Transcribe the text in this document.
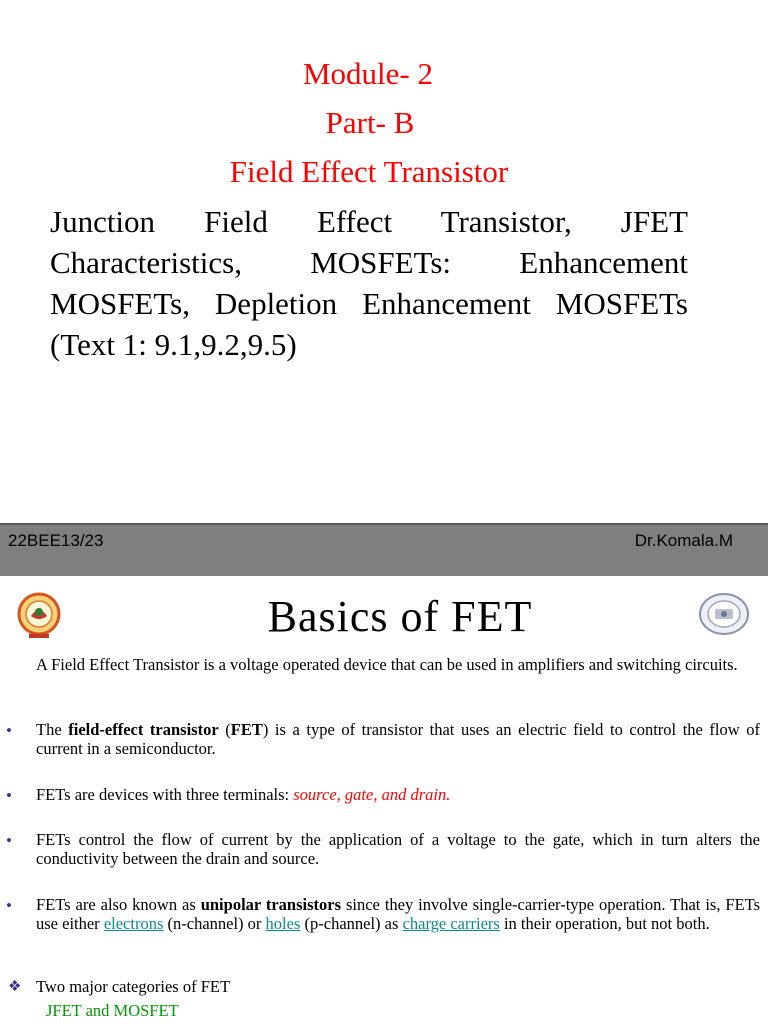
Module- 2
Part- B
Field Effect Transistor
Junction Field Effect Transistor, JFET Characteristics, MOSFETs: Enhancement MOSFETs, Depletion Enhancement MOSFETs (Text 1: 9.1,9.2,9.5)
22BEE13/23	Dr.Komala.M
Basics of FET
A Field Effect Transistor is a voltage operated device that can be used in amplifiers and switching circuits.
• The field-effect transistor (FET) is a type of transistor that uses an electric field to control the flow of current in a semiconductor.
• FETs are devices with three terminals: source, gate, and drain.
• FETs control the flow of current by the application of a voltage to the gate, which in turn alters the conductivity between the drain and source.
• FETs are also known as unipolar transistors since they involve single-carrier-type operation. That is, FETs use either electrons (n-channel) or holes (p-channel) as charge carriers in their operation, but not both.
❖ Two major categories of FET
JFET and MOSFET
